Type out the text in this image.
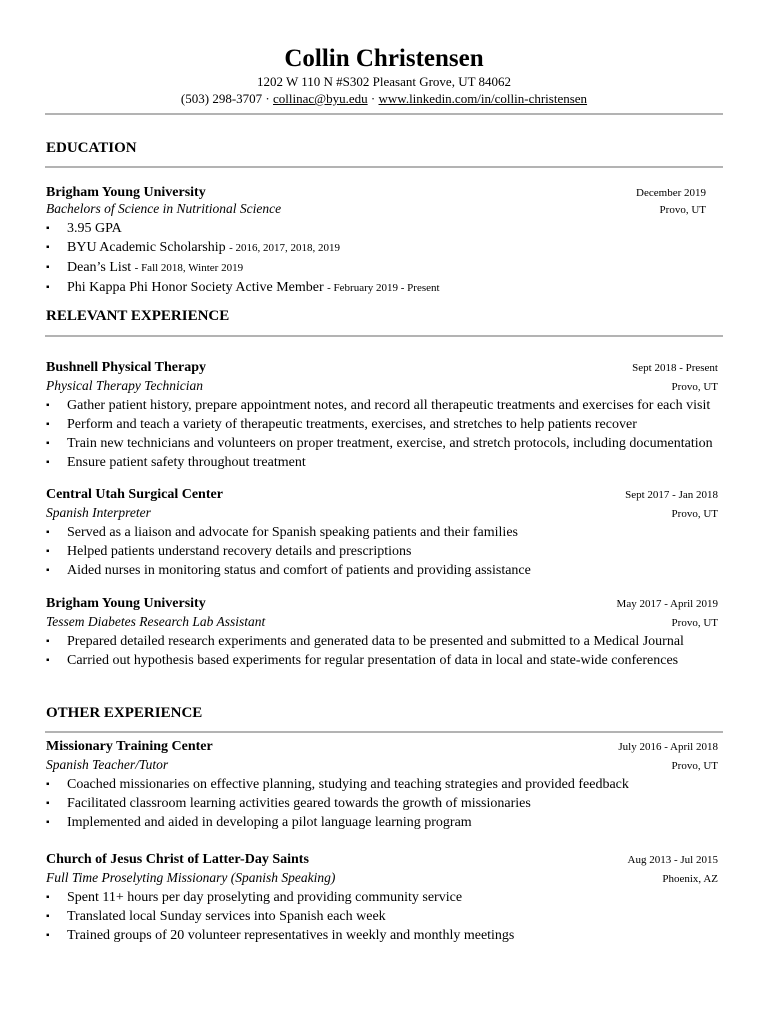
Collin Christensen
1202 W 110 N #S302 Pleasant Grove, UT 84062
(503) 298-3707 · collinac@byu.edu · www.linkedin.com/in/collin-christensen
EDUCATION
Brigham Young University	December 2019
Bachelors of Science in Nutritional Science	Provo, UT
▪ 3.95 GPA
▪ BYU Academic Scholarship - 2016, 2017, 2018, 2019
▪ Dean’s List - Fall 2018, Winter 2019
▪ Phi Kappa Phi Honor Society Active Member - February 2019 - Present
RELEVANT EXPERIENCE
Bushnell Physical Therapy	Sept 2018 - Present
Physical Therapy Technician	Provo, UT
▪ Gather patient history, prepare appointment notes, and record all therapeutic treatments and exercises for each visit
▪ Perform and teach a variety of therapeutic treatments, exercises, and stretches to help patients recover
▪ Train new technicians and volunteers on proper treatment, exercise, and stretch protocols, including documentation
▪ Ensure patient safety throughout treatment
Central Utah Surgical Center	Sept 2017 - Jan 2018
Spanish Interpreter	Provo, UT
▪ Served as a liaison and advocate for Spanish speaking patients and their families
▪ Helped patients understand recovery details and prescriptions
▪ Aided nurses in monitoring status and comfort of patients and providing assistance
Brigham Young University	May 2017 - April 2019
Tessem Diabetes Research Lab Assistant	Provo, UT
▪ Prepared detailed research experiments and generated data to be presented and submitted to a Medical Journal
▪ Carried out hypothesis based experiments for regular presentation of data in local and state-wide conferences
OTHER EXPERIENCE
Missionary Training Center	July 2016 - April 2018
Spanish Teacher/Tutor	Provo, UT
▪ Coached missionaries on effective planning, studying and teaching strategies and provided feedback
▪ Facilitated classroom learning activities geared towards the growth of missionaries
▪ Implemented and aided in developing a pilot language learning program
Church of Jesus Christ of Latter-Day Saints	Aug 2013 - Jul 2015
Full Time Proselyting Missionary (Spanish Speaking)	Phoenix, AZ
▪ Spent 11+ hours per day proselyting and providing community service
▪ Translated local Sunday services into Spanish each week
▪ Trained groups of 20 volunteer representatives in weekly and monthly meetings
